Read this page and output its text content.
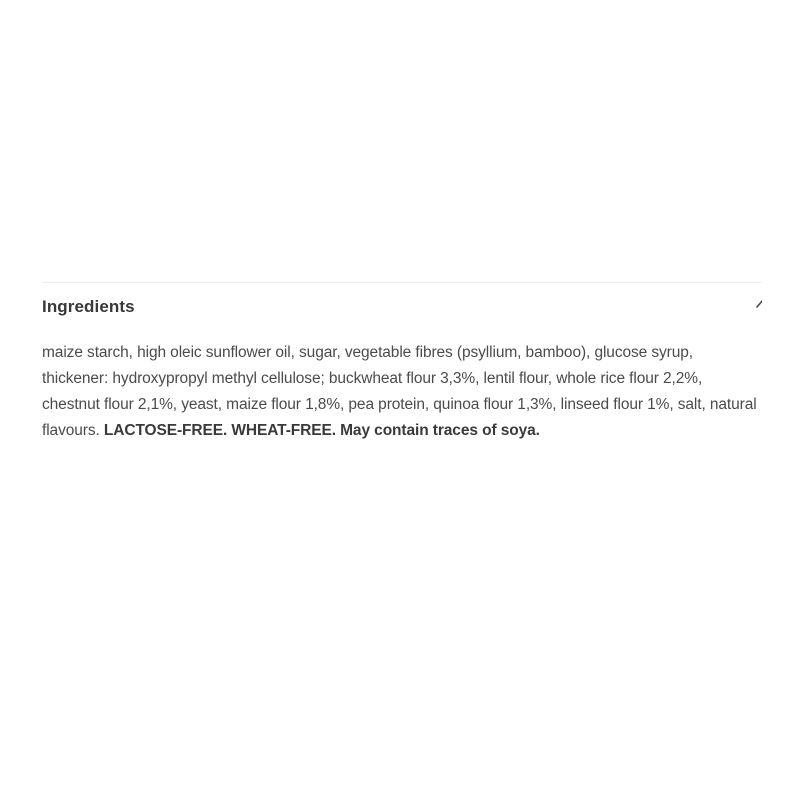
Ingredients

maize starch, high oleic sunflower oil, sugar, vegetable fibres (psyllium, bamboo), glucose syrup, thickener: hydroxypropyl methyl cellulose; buckwheat flour 3,3%, lentil flour, whole rice flour 2,2%, chestnut flour 2,1%, yeast, maize flour 1,8%, pea protein, quinoa flour 1,3%, linseed flour 1%, salt, natural flavours. LACTOSE-FREE. WHEAT-FREE. May contain traces of soya.
